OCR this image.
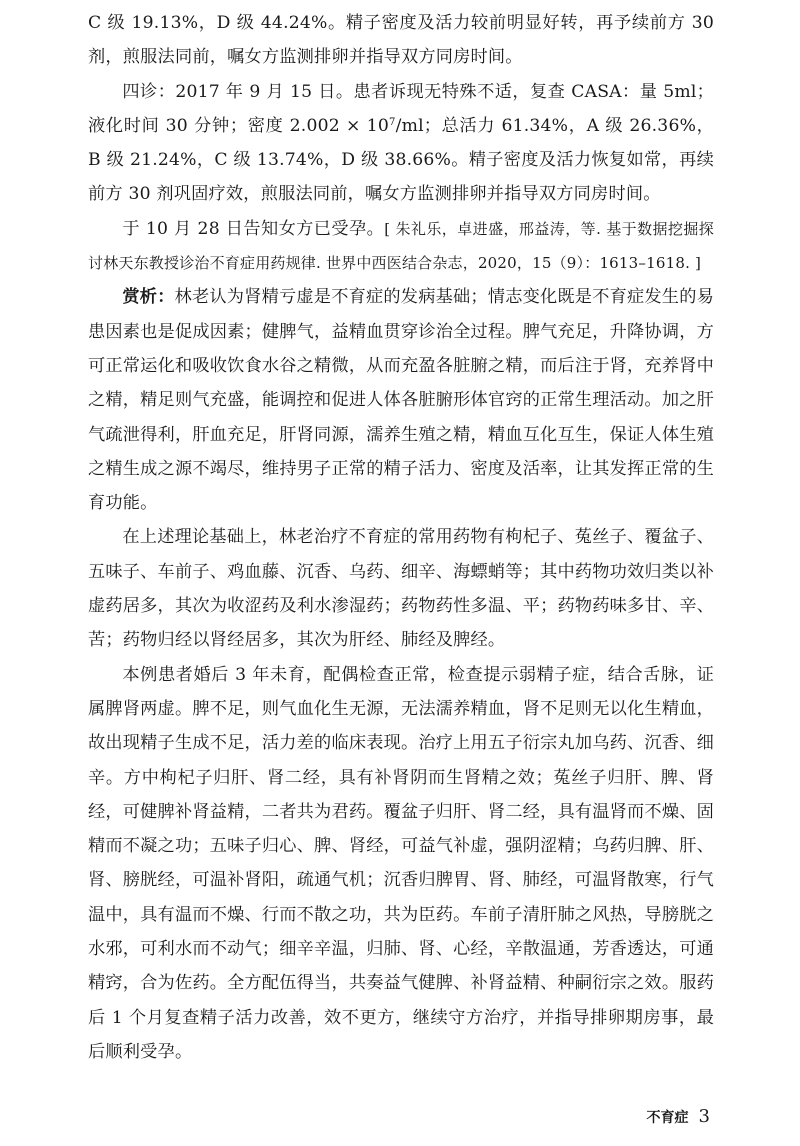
C 级 19.13%，D 级 44.24%。精子密度及活力较前明显好转，再予续前方 30 剂，煎服法同前，嘱女方监测排卵并指导双方同房时间。

四诊：2017 年 9 月 15 日。患者诉现无特殊不适，复查 CASA：量 5ml；液化时间 30 分钟；密度 $2.002 \times 10^7/ml$；总活力 61.34%，A 级 26.36%，B 级 21.24%，C 级 13.74%，D 级 38.66%。精子密度及活力恢复如常，再续前方 30 剂巩固疗效，煎服法同前，嘱女方监测排卵并指导双方同房时间。

于 10 月 28 日告知女方已受孕。[ 朱礼乐，卓进盛，邢益涛，等. 基于数据挖掘探讨林天东教授诊治不育症用药规律. 世界中西医结合杂志，2020，15（9）：1613–1618. ]

赏析：林老认为肾精亏虚是不育症的发病基础；情志变化既是不育症发生的易患因素也是促成因素；健脾气，益精血贯穿诊治全过程。脾气充足，升降协调，方可正常运化和吸收饮食水谷之精微，从而充盈各脏腑之精，而后注于肾，充养肾中之精，精足则气充盛，能调控和促进人体各脏腑形体官窍的正常生理活动。加之肝气疏泄得利，肝血充足，肝肾同源，濡养生殖之精，精血互化互生，保证人体生殖之精生成之源不竭尽，维持男子正常的精子活力、密度及活率，让其发挥正常的生育功能。

在上述理论基础上，林老治疗不育症的常用药物有枸杞子、菟丝子、覆盆子、五味子、车前子、鸡血藤、沉香、乌药、细辛、海螵蛸等；其中药物功效归类以补虚药居多，其次为收涩药及利水渗湿药；药物药性多温、平；药物药味多甘、辛、苦；药物归经以肾经居多，其次为肝经、肺经及脾经。

本例患者婚后 3 年未育，配偶检查正常，检查提示弱精子症，结合舌脉，证属脾肾两虚。脾不足，则气血化生无源，无法濡养精血，肾不足则无以化生精血，故出现精子生成不足，活力差的临床表现。治疗上用五子衍宗丸加乌药、沉香、细辛。方中枸杞子归肝、肾二经，具有补肾阴而生肾精之效；菟丝子归肝、脾、肾经，可健脾补肾益精，二者共为君药。覆盆子归肝、肾二经，具有温肾而不燥、固精而不凝之功；五味子归心、脾、肾经，可益气补虚，强阴涩精；乌药归脾、肝、肾、膀胱经，可温补肾阳，疏通气机；沉香归脾胃、肾、肺经，可温肾散寒，行气温中，具有温而不燥、行而不散之功，共为臣药。车前子清肝肺之风热，导膀胱之水邪，可利水而不动气；细辛辛温，归肺、肾、心经，辛散温通，芳香透达，可通精窍，合为佐药。全方配伍得当，共奏益气健脾、补肾益精、种嗣衍宗之效。服药后 1 个月复查精子活力改善，效不更方，继续守方治疗，并指导排卵期房事，最后顺利受孕。

不育症 3
